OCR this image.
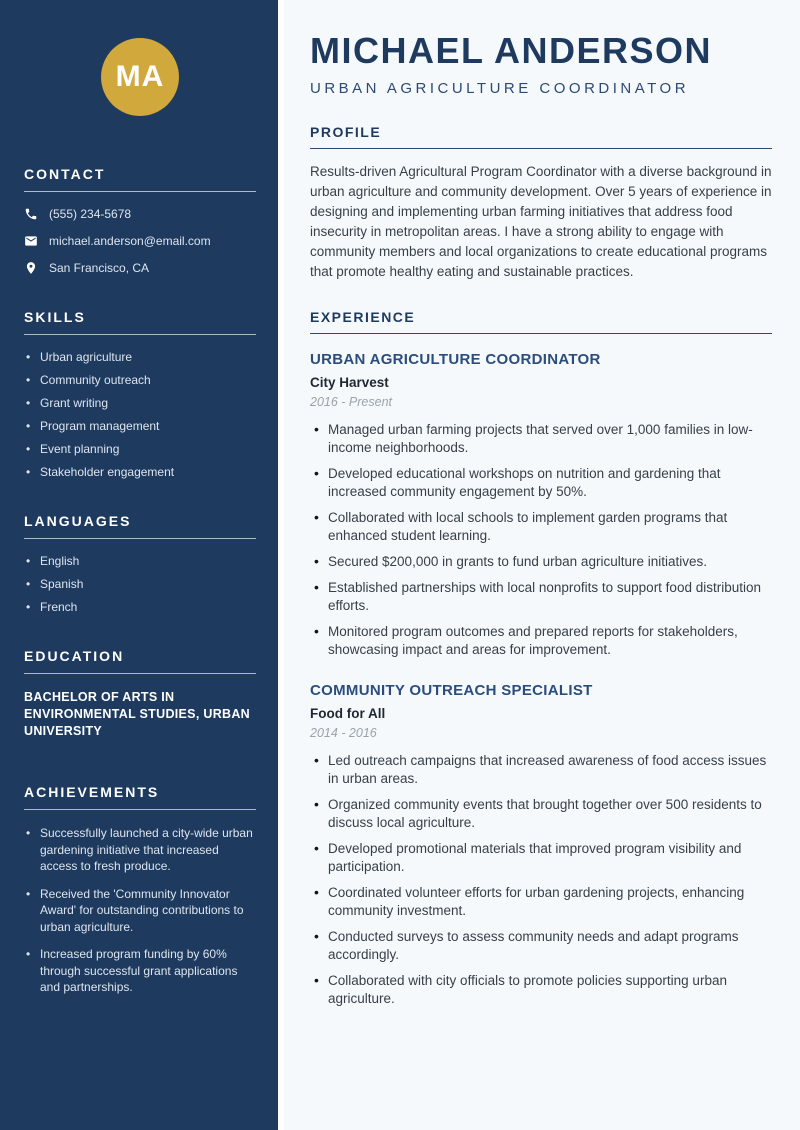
MA
CONTACT
(555) 234-5678
michael.anderson@email.com
San Francisco, CA
SKILLS
• Urban agriculture
• Community outreach
• Grant writing
• Program management
• Event planning
• Stakeholder engagement
LANGUAGES
• English
• Spanish
• French
EDUCATION

BACHELOR OF ARTS IN ENVIRONMENTAL STUDIES, URBAN UNIVERSITY

ACHIEVEMENTS
• Successfully launched a city-wide urban gardening initiative that increased access to fresh produce.
• Received the 'Community Innovator Award' for outstanding contributions to urban agriculture.
• Increased program funding by 60% through successful grant applications and partnerships.
MICHAEL ANDERSON
URBAN AGRICULTURE COORDINATOR
PROFILE

Results-driven Agricultural Program Coordinator with a diverse background in urban agriculture and community development. Over 5 years of experience in designing and implementing urban farming initiatives that address food insecurity in metropolitan areas. I have a strong ability to engage with community members and local organizations to create educational programs that promote healthy eating and sustainable practices.

EXPERIENCE
URBAN AGRICULTURE COORDINATOR
City Harvest
2016 - Present
• Managed urban farming projects that served over 1,000 families in low-income neighborhoods.
• Developed educational workshops on nutrition and gardening that increased community engagement by 50%.
• Collaborated with local schools to implement garden programs that enhanced student learning.
• Secured $200,000 in grants to fund urban agriculture initiatives.
• Established partnerships with local nonprofits to support food distribution efforts.
• Monitored program outcomes and prepared reports for stakeholders, showcasing impact and areas for improvement.
COMMUNITY OUTREACH SPECIALIST
Food for All
2014 - 2016
• Led outreach campaigns that increased awareness of food access issues in urban areas.
• Organized community events that brought together over 500 residents to discuss local agriculture.
• Developed promotional materials that improved program visibility and participation.
• Coordinated volunteer efforts for urban gardening projects, enhancing community investment.
• Conducted surveys to assess community needs and adapt programs accordingly.
• Collaborated with city officials to promote policies supporting urban agriculture.
